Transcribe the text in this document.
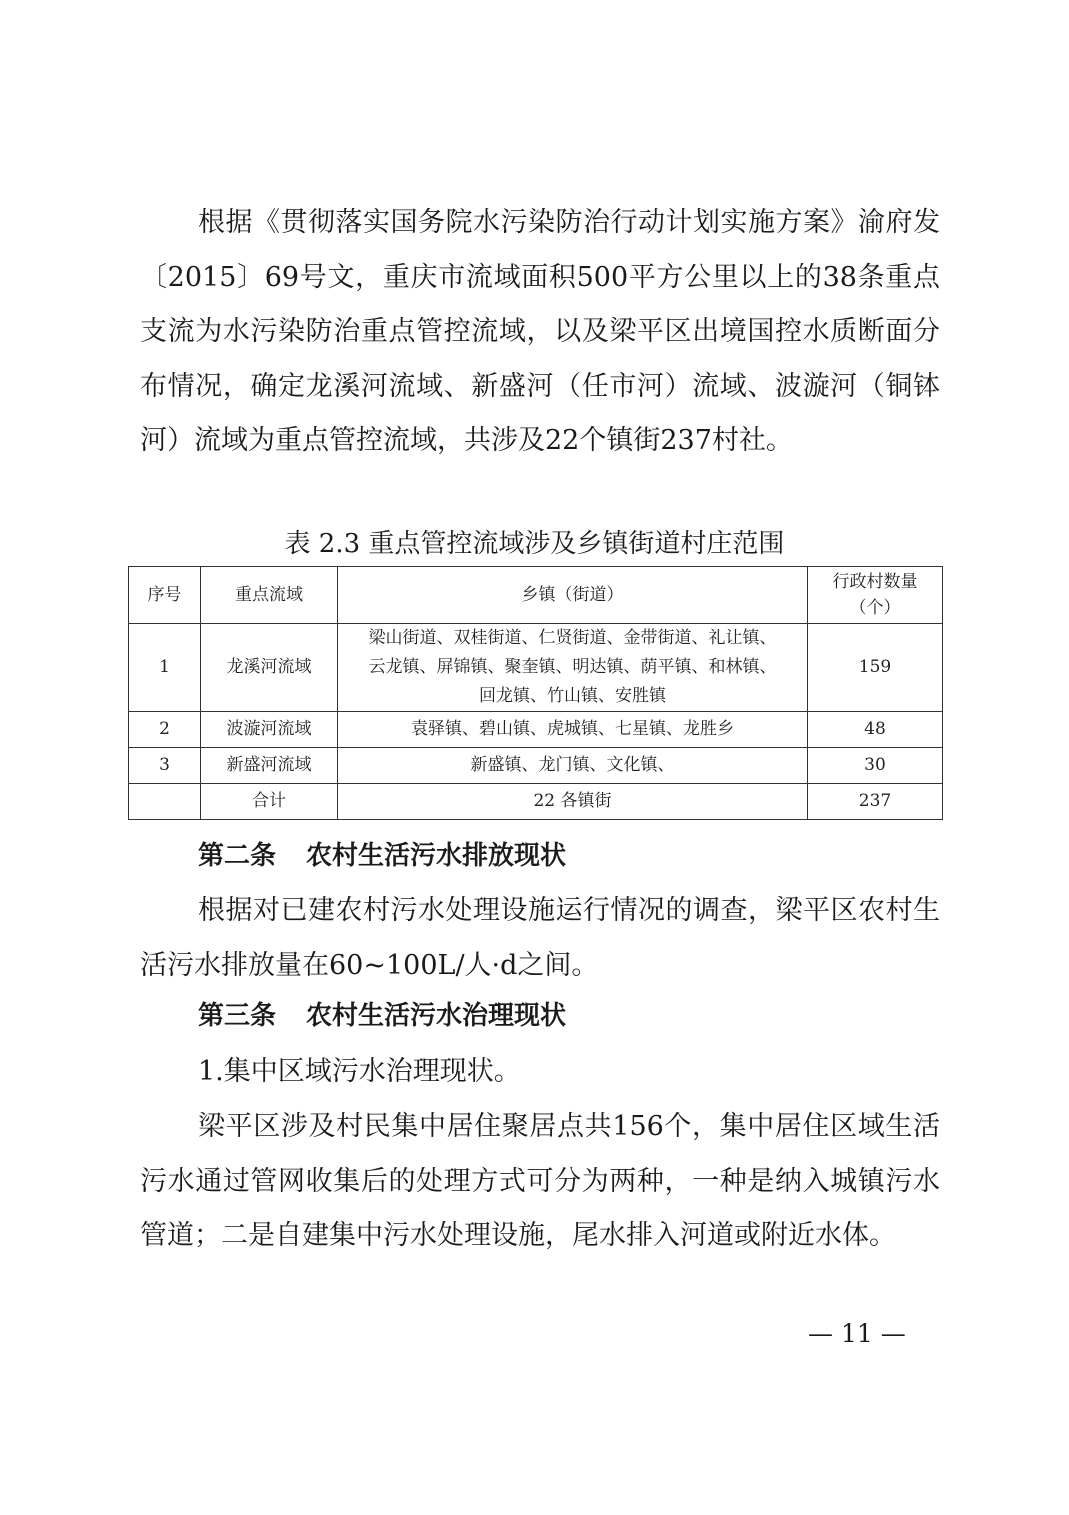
根据《贯彻落实国务院水污染防治行动计划实施方案》渝府发〔2015〕69号文，重庆市流域面积500平方公里以上的38条重点支流为水污染防治重点管控流域，以及梁平区出境国控水质断面分布情况，确定龙溪河流域、新盛河（任市河）流域、波漩河（铜钵河）流域为重点管控流域，共涉及22个镇街237村社。

表 2.3 重点管控流域涉及乡镇街道村庄范围

序号	重点流域	乡镇（街道）	行政村数量
（个）
1	龙溪河流域	梁山街道、双桂街道、仁贤街道、金带街道、礼让镇、
云龙镇、屏锦镇、聚奎镇、明达镇、荫平镇、和林镇、
回龙镇、竹山镇、安胜镇	159
2	波漩河流域	袁驿镇、碧山镇、虎城镇、七星镇、龙胜乡	48
3	新盛河流域	新盛镇、龙门镇、文化镇、	30
	合计	22 各镇街	237

第二条 农村生活污水排放现状

根据对已建农村污水处理设施运行情况的调查，梁平区农村生活污水排放量在60~100L/人·d之间。

第三条 农村生活污水治理现状

1.集中区域污水治理现状。

梁平区涉及村民集中居住聚居点共156个，集中居住区域生活污水通过管网收集后的处理方式可分为两种，一种是纳入城镇污水管道；二是自建集中污水处理设施，尾水排入河道或附近水体。

— 11 —
